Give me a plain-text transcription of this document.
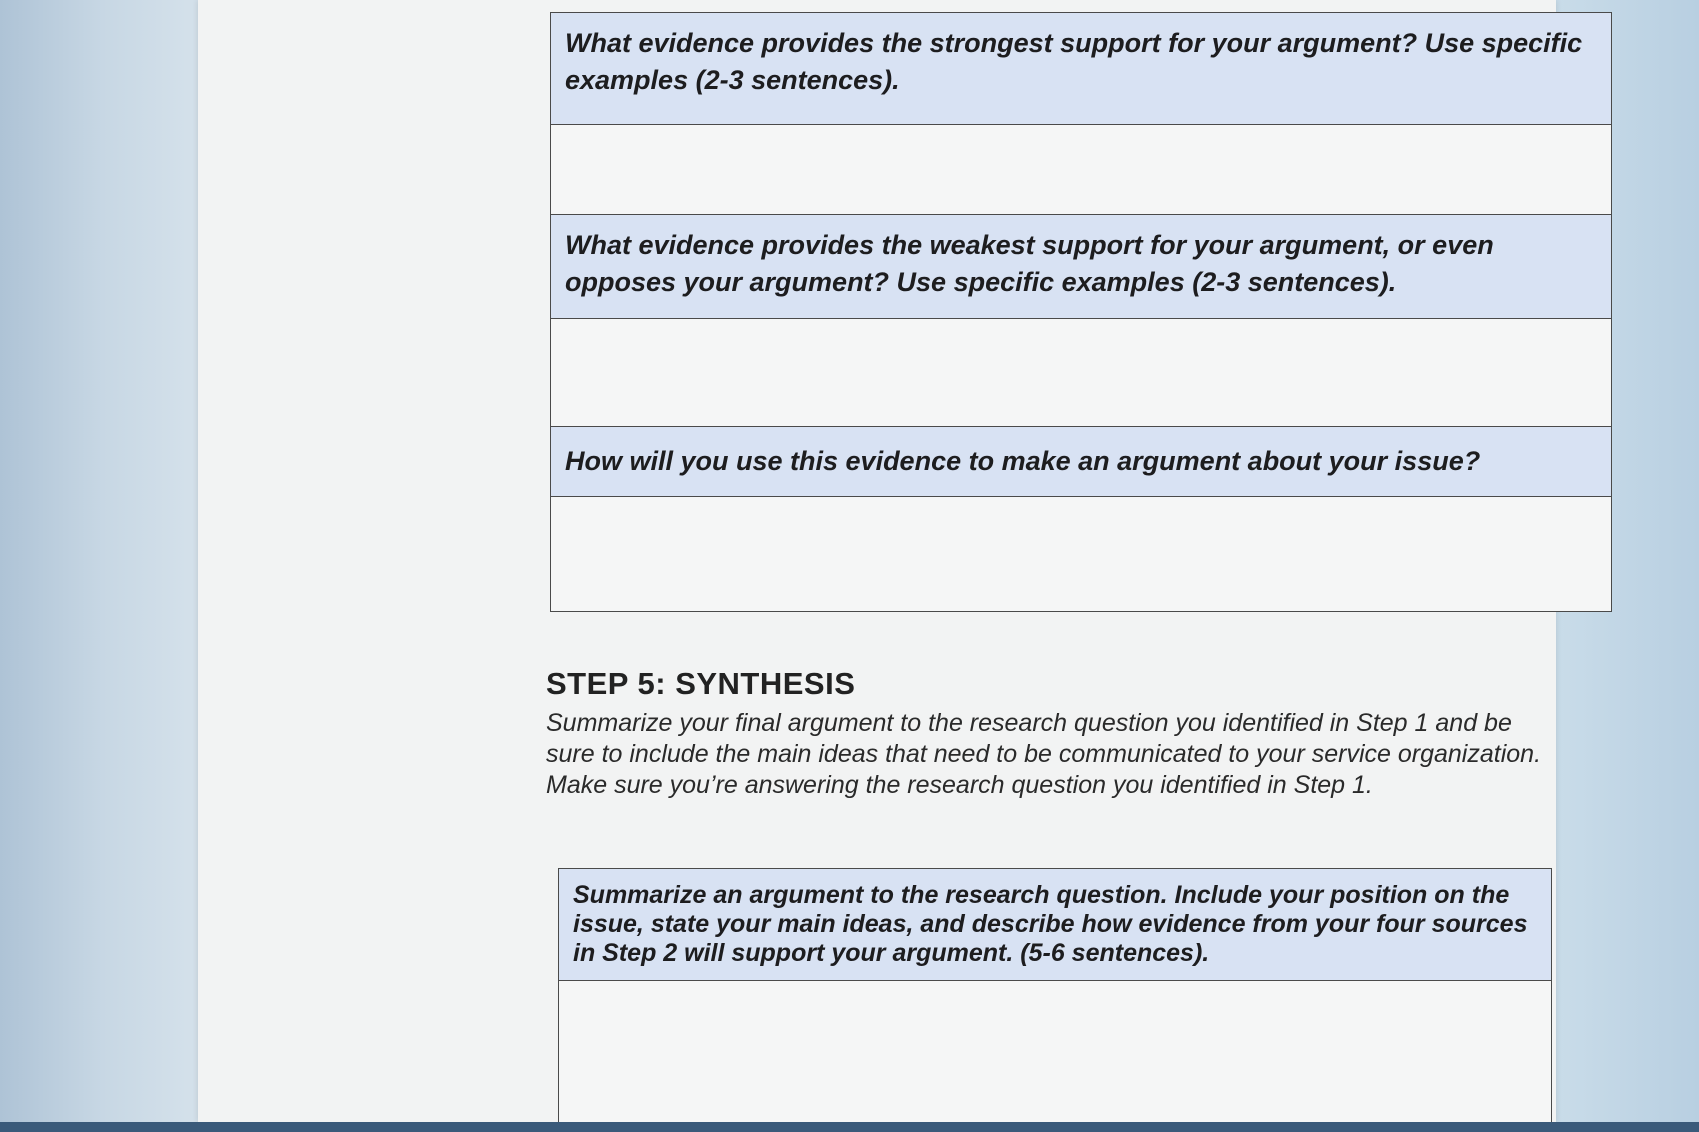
What evidence provides the strongest support for your argument? Use specific examples (2-3 sentences).
What evidence provides the weakest support for your argument, or even opposes your argument? Use specific examples (2-3 sentences).
How will you use this evidence to make an argument about your issue?
STEP 5: SYNTHESIS
Summarize your final argument to the research question you identified in Step 1 and be sure to include the main ideas that need to be communicated to your service organization. Make sure you’re answering the research question you identified in Step 1.
Summarize an argument to the research question. Include your position on the issue, state your main ideas, and describe how evidence from your four sources in Step 2 will support your argument. (5-6 sentences).
